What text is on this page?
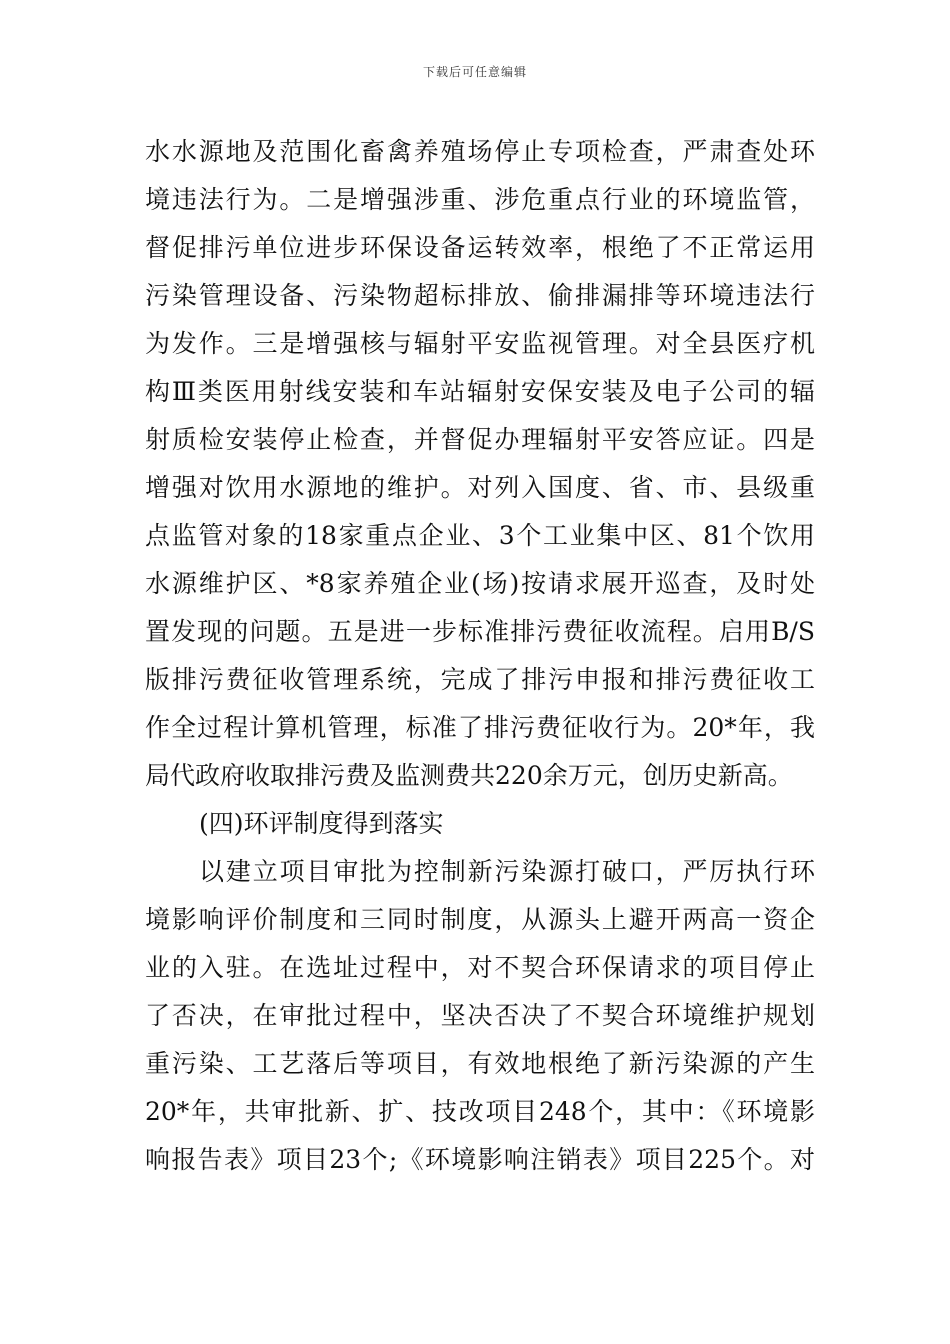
下载后可任意编辑
水水源地及范围化畜禽养殖场停止专项检查，严肃查处环
境违法行为。二是增强涉重、涉危重点行业的环境监管，
督促排污单位进步环保设备运转效率，根绝了不正常运用
污染管理设备、污染物超标排放、偷排漏排等环境违法行
为发作。三是增强核与辐射平安监视管理。对全县医疗机
构Ⅲ类医用射线安装和车站辐射安保安装及电子公司的辐
射质检安装停止检查，并督促办理辐射平安答应证。四是
增强对饮用水源地的维护。对列入国度、省、市、县级重
点监管对象的18家重点企业、3个工业集中区、81个饮用
水源维护区、*8家养殖企业(场)按请求展开巡查，及时处
置发现的问题。五是进一步标准排污费征收流程。启用B/S
版排污费征收管理系统，完成了排污申报和排污费征收工
作全过程计算机管理，标准了排污费征收行为。20*年，我
局代政府收取排污费及监测费共220余万元，创历史新高。
(四)环评制度得到落实
以建立项目审批为控制新污染源打破口，严厉执行环
境影响评价制度和三同时制度，从源头上避开两高一资企
业的入驻。在选址过程中，对不契合环保请求的项目停止
了否决，在审批过程中，坚决否决了不契合环境维护规划
重污染、工艺落后等项目，有效地根绝了新污染源的产生
20*年，共审批新、扩、技改项目248个，其中：《环境影
响报告表》项目23个;《环境影响注销表》项目225个。对
